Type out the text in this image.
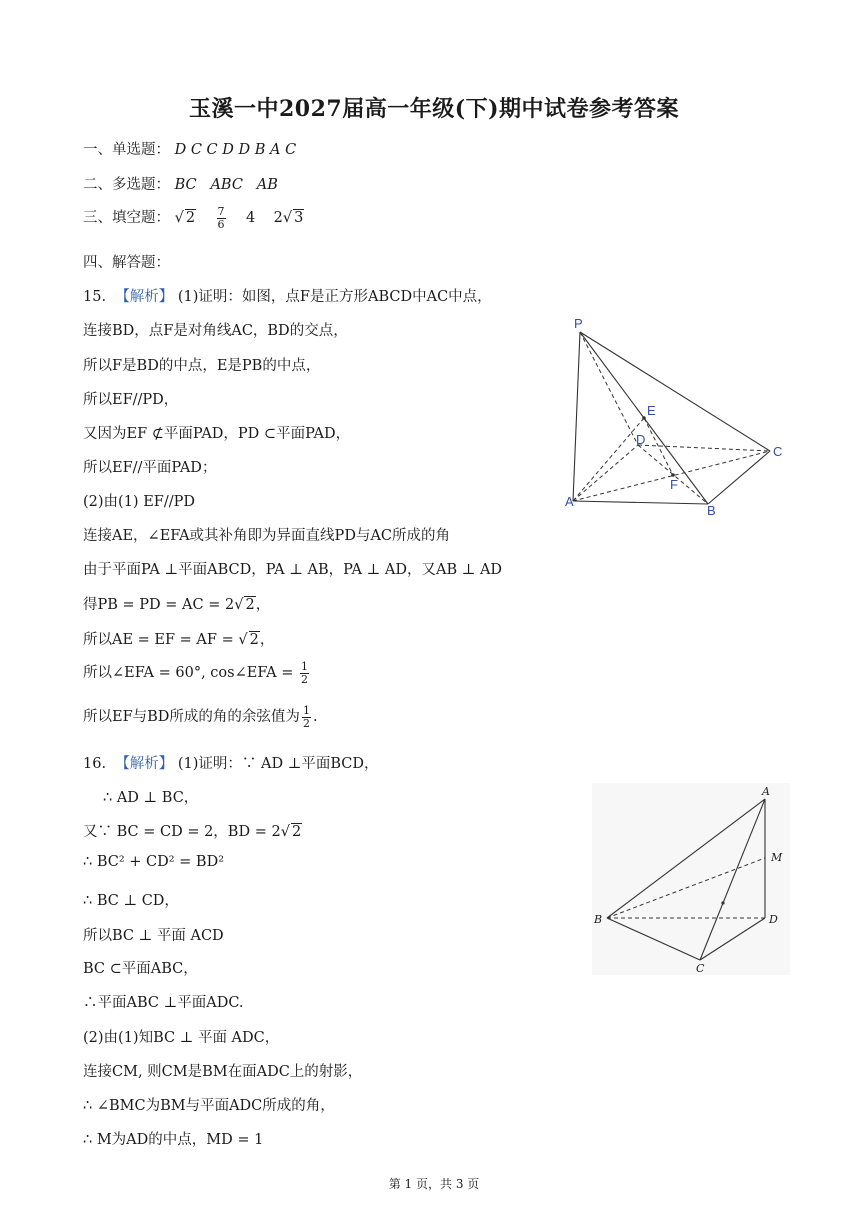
玉溪一中2027届高一年级(下)期中试卷参考答案
一、单选题： D C C D D B A C
二、多选题： BC   ABC   AB
三、填空题： √ $2 \frac{7}{6} 4$ 2√ 3
四、解答题：
15. 【解析】 (1)证明：如图，点F是正方形ABCD中AC中点，
连接BD，点F是对角线AC，BD的交点，
所以F是BD的中点，E是PB的中点，
所以EF//PD，
又因为EF ⊄平面PAD，PD ⊂平面PAD，
所以EF//平面PAD；
(2)由(1) EF//PD
连接AE，∠EFA或其补角即为异面直线PD与AC所成的角
由于平面PA ⊥平面ABCD，PA ⊥ AB，PA ⊥ AD，又AB ⊥ AD
得PB = PD = AC = 2√ 2，
所以AE = EF = AF = √ 2，
所以∠EFA = 60°, cos∠EFA = $\frac{1}{2}$
所以EF与BD所成的角的余弦值为 $\frac{1}{2}$ .
16. 【解析】 (1)证明：∵ AD ⊥平面BCD，
∴ AD ⊥ BC，
又∵ BC = CD = 2，BD = 2√ 2
∴ BC² + CD² = BD²
∴ BC ⊥ CD，
所以BC ⊥ 平面 ACD
BC ⊂平面ABC，
∴平面ABC ⊥平面ADC.
(2)由(1)知BC ⊥ 平面 ADC，
连接CM, 则CM是BM在面ADC上的射影，
∴ ∠BMC为BM与平面ADC所成的角，
∴ M为AD的中点，MD = 1
P
E
D
C
F
A
B
A
M
B	D
C
第 1 页，共 3 页
